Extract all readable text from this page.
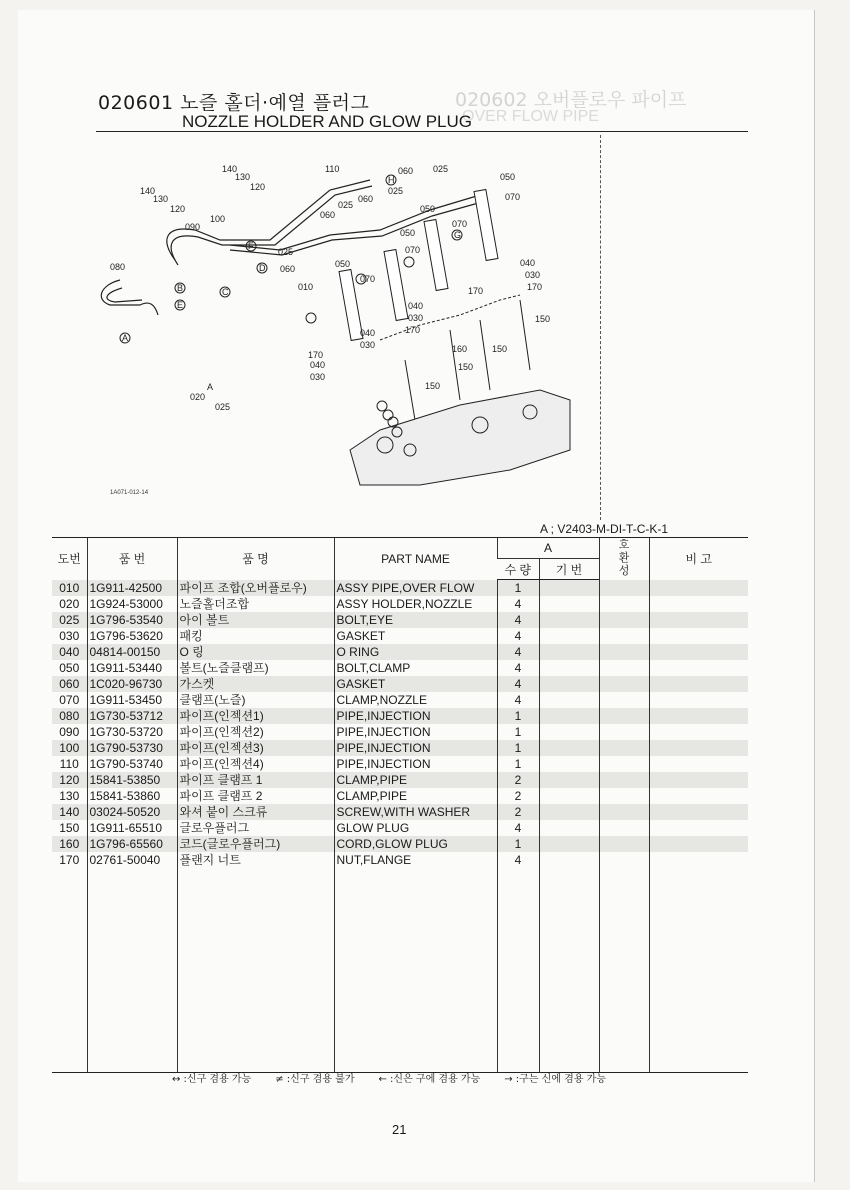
020602 오버플로우 파이프
OVER FLOW PIPE
020601 노즐 홀더·예열 플러그
NOZZLE HOLDER AND GLOW PLUG
080
090
100
110
120
120
130
130
140
140
010
020
025
025
025
025
025
030
030
030
030
040
040
040
040
050
050
050
050
060
060
060
060
070
070
070
070
150
150
150
150
160
170
170
170	170
A
B	C
D
E
F
G
H
A
1A071-012-14
A ; V2403-M-DI-T-C-K-1
도번	품 번	품 명	PART NAME	A		호환성	비 고
				수 량	기 번		
010	1G911-42500	파이프 조합(오버플로우)	ASSY PIPE,OVER FLOW	1			
020	1G924-53000	노즐홀더조합	ASSY HOLDER,NOZZLE	4			
025	1G796-53540	아이 볼트	BOLT,EYE	4			
030	1G796-53620	패킹	GASKET	4			
040	04814-00150	O 링	O RING	4			
050	1G911-53440	볼트(노즐클램프)	BOLT,CLAMP	4			
060	1C020-96730	가스켓	GASKET	4			
070	1G911-53450	클램프(노즐)	CLAMP,NOZZLE	4			
080	1G730-53712	파이프(인젝션1)	PIPE,INJECTION	1			
090	1G730-53720	파이프(인젝션2)	PIPE,INJECTION	1			
100	1G790-53730	파이프(인젝션3)	PIPE,INJECTION	1			
110	1G790-53740	파이프(인젝션4)	PIPE,INJECTION	1			
120	15841-53850	파이프 클램프 1	CLAMP,PIPE	2			
130	15841-53860	파이프 클램프 2	CLAMP,PIPE	2			
140	03024-50520	와셔 붙이 스크류	SCREW,WITH WASHER	2			
150	1G911-65510	글로우플러그	GLOW PLUG	4			
160	1G796-65560	코드(글로우플러그)	CORD,GLOW PLUG	1			
170	02761-50040	플랜지 너트	NUT,FLANGE	4			

↔ :신구 겸용 가능 ≠ :신구 겸용 불가 ← :신은 구에 겸용 가능 → :구는 신에 겸용 가능
21
